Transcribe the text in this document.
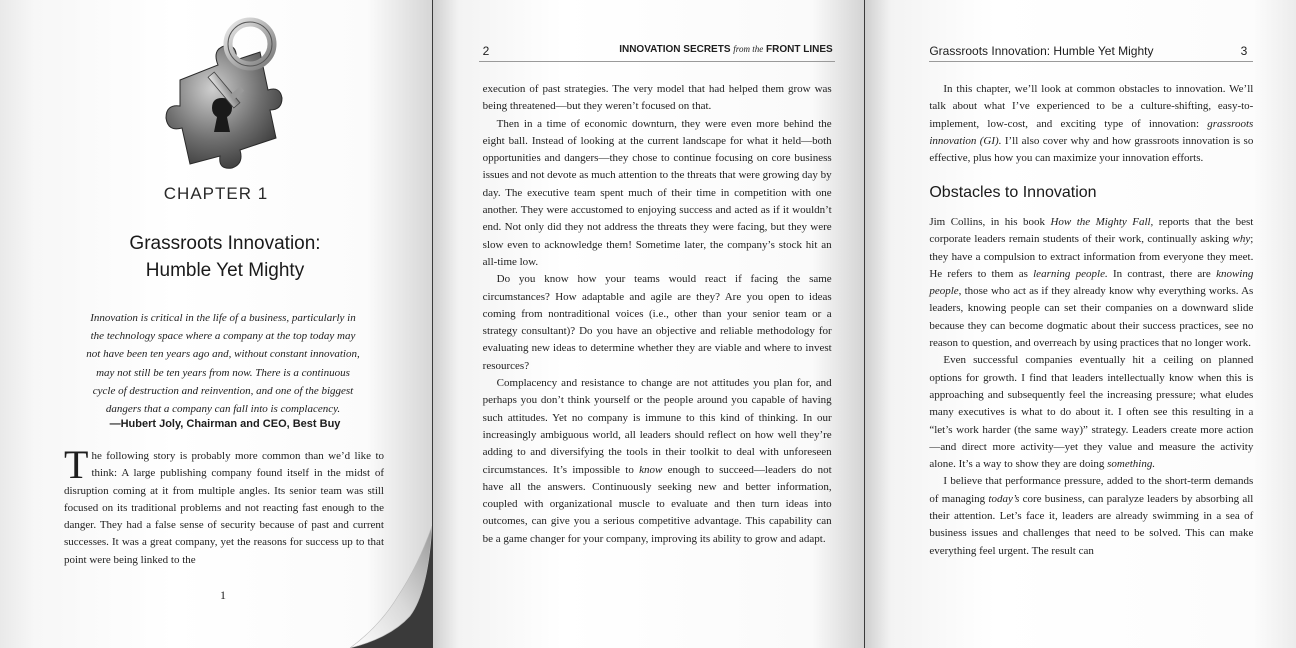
CHAPTER 1
Grassroots Innovation:
Humble Yet Mighty
Innovation is critical in the life of a business, particularly in
the technology space where a company at the top today may
not have been ten years ago and, without constant innovation,
may not still be ten years from now. There is a continuous
cycle of destruction and reinvention, and one of the biggest
dangers that a company can fall into is complacency.
—Hubert Joly, Chairman and CEO, Best Buy
The following story is probably more common than we’d like to think: A large publishing company found itself in the midst of disruption coming at it from multiple angles. Its senior team was still focused on its traditional problems and not reacting fast enough to the danger. They had a false sense of security because of past and current successes. It was a great company, yet the reasons for success up to that point were being linked to the
1
2	INNOVATION SECRETS from the FRONT LINES

execution of past strategies. The very model that had helped them grow was being threatened—but they weren’t focused on that.

Then in a time of economic downturn, they were even more behind the eight ball. Instead of looking at the current landscape for what it held—both opportunities and dangers—they chose to continue focusing on core business issues and not devote as much attention to the threats that were growing day by day. The executive team spent much of their time in competition with one another. They were accustomed to enjoying success and acted as if it wouldn’t end. Not only did they not address the threats they were facing, but they were slow even to acknowledge them! Sometime later, the company’s stock hit an all-time low.

Do you know how your teams would react if facing the same circumstances? How adaptable and agile are they? Are you open to ideas coming from nontraditional voices (i.e., other than your senior team or a strategy consultant)? Do you have an objective and reliable methodology for evaluating new ideas to determine whether they are viable and where to invest resources?

Complacency and resistance to change are not attitudes you plan for, and perhaps you don’t think yourself or the people around you capable of having such attitudes. Yet no company is immune to this kind of thinking. In our increasingly ambiguous world, all leaders should reflect on how well they’re adding to and diversifying the tools in their toolkit to deal with unforeseen circumstances. It’s impossible to know enough to succeed—leaders do not have all the answers. Continuously seeking new and better information, coupled with organizational muscle to evaluate and then turn ideas into outcomes, can give you a serious competitive advantage. This capability can be a game changer for your company, improving its ability to grow and adapt.

Grassroots Innovation: Humble Yet Mighty	3

In this chapter, we’ll look at common obstacles to innovation. We’ll talk about what I’ve experienced to be a culture-shifting, easy-to-implement, low-cost, and exciting type of innovation: grassroots innovation (GI). I’ll also cover why and how grassroots innovation is so effective, plus how you can maximize your innovation efforts.

Obstacles to Innovation

Jim Collins, in his book How the Mighty Fall, reports that the best corporate leaders remain students of their work, continually asking why; they have a compulsion to extract information from everyone they meet. He refers to them as learning people. In contrast, there are knowing people, those who act as if they already know why everything works. As leaders, knowing people can set their companies on a downward slide because they can become dogmatic about their success practices, see no reason to question, and overreach by using practices that no longer work.

Even successful companies eventually hit a ceiling on planned options for growth. I find that leaders intellectually know when this is approaching and subsequently feel the increasing pressure; what eludes many executives is what to do about it. I often see this resulting in a “let’s work harder (the same way)” strategy. Leaders create more action—and direct more activity—yet they value and measure the activity alone. It’s a way to show they are doing something.

I believe that performance pressure, added to the short-term demands of managing today’s core business, can paralyze leaders by absorbing all their attention. Let’s face it, leaders are already swimming in a sea of business issues and challenges that need to be solved. This can make everything feel urgent. The result can
